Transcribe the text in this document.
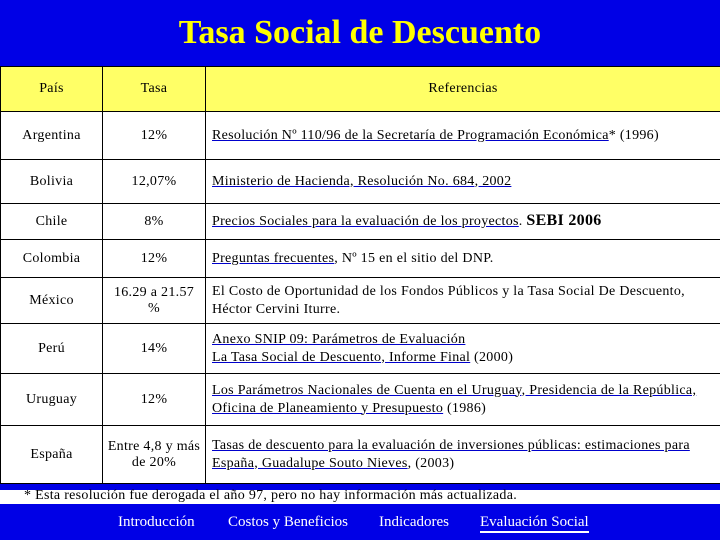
Tasa Social de Descuento
País	Tasa	Referencias
Argentina	12%	Resolución Nº 110/96 de la Secretaría de Programación Económica* (1996)
Bolivia	12,07%	Ministerio de Hacienda, Resolución No. 684, 2002
Chile	8%	Precios Sociales para la evaluación de los proyectos. SEBI 2006
Colombia	12%	Preguntas frecuentes, Nº 15 en el sitio del DNP.
México	16.29 a 21.57 %	El Costo de Oportunidad de los Fondos Públicos y la Tasa Social De Descuento, Héctor Cervini Iturre.
Perú	14%	Anexo SNIP 09: Parámetros de Evaluación
La Tasa Social de Descuento, Informe Final (2000)
Uruguay	12%	Los Parámetros Nacionales de Cuenta en el Uruguay, Presidencia de la República, Oficina de Planeamiento y Presupuesto (1986)
España	Entre 4,8 y más de 20%	Tasas de descuento para la evaluación de inversiones públicas: estimaciones para España, Guadalupe Souto Nieves, (2003)
* Esta resolución fue derogada el año 97, pero no hay información más actualizada.
Introducción Costos y Beneficios Indicadores Evaluación Social
